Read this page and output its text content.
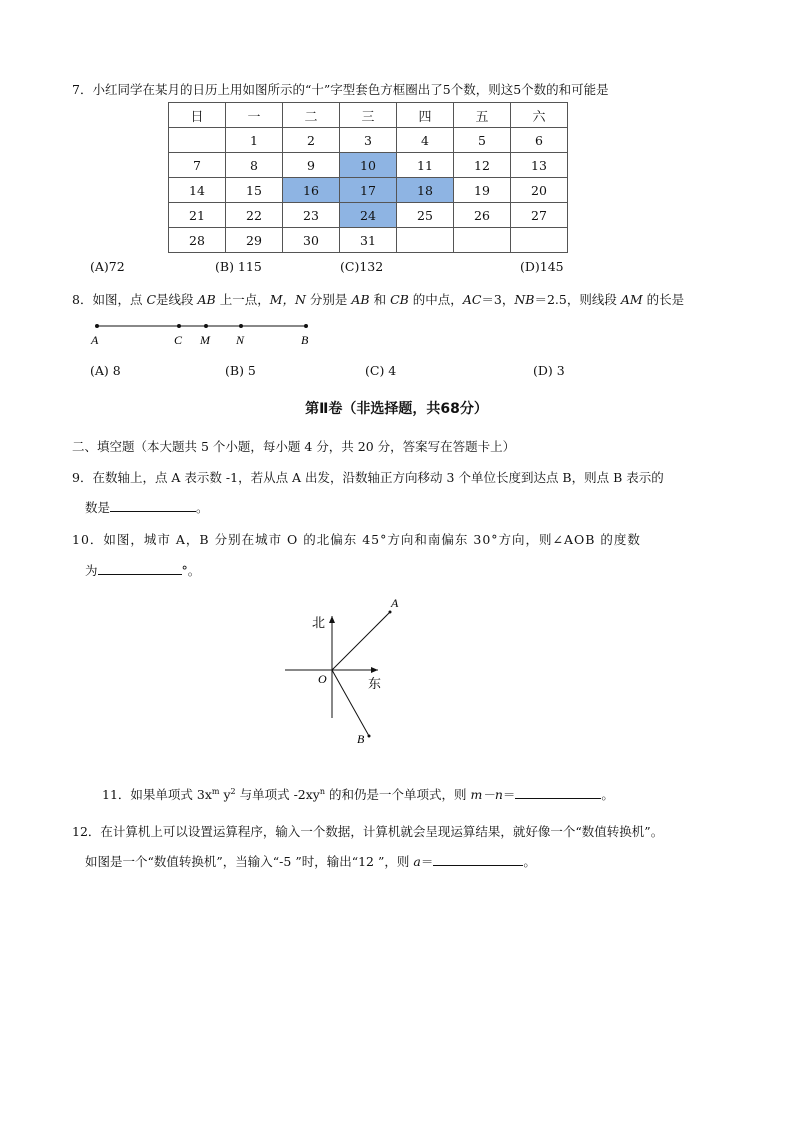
7．小红同学在某月的日历上用如图所示的“十”字型套色方框圈出了5个数，则这5个数的和可能是
日	一	二	三	四	五	六
	1	2	3	4	5	6
7	8	9	10	11	12	13
14	15	16	17	18	19	20
21	22	23	24	25	26	27
28	29	30	31			
(A)72	(B) 115	(C)132	(D)145
8．如图，点 C是线段 AB 上一点，M，N 分别是 AB 和 CB 的中点，AC＝3，NB＝2.5，则线段 AM 的长是
A	C M N	B
(A) 8	(B) 5	(C) 4	(D) 3
第Ⅱ卷（非选择题，共68分）
二、填空题（本大题共 5 个小题，每小题 4 分，共 20 分，答案写在答题卡上）
9．在数轴上，点 A 表示数 -1，若从点 A 出发，沿数轴正方向移动 3 个单位长度到达点 B，则点 B 表示的
数是	。
10．如图，城市 A，B 分别在城市 O 的北偏东 45°方向和南偏东 30°方向，则∠AOB 的度数
为	°。
北
东
O
A
B
11．如果单项式 $3x^m$ $y^2$ 与单项式 $-2xy^n$ 的和仍是一个单项式，则 m－n＝	。
12．在计算机上可以设置运算程序，输入一个数据，计算机就会呈现运算结果，就好像一个“数值转换机”。
如图是一个“数值转换机”，当输入“-5 ”时，输出“12 ”，则 a＝	。
